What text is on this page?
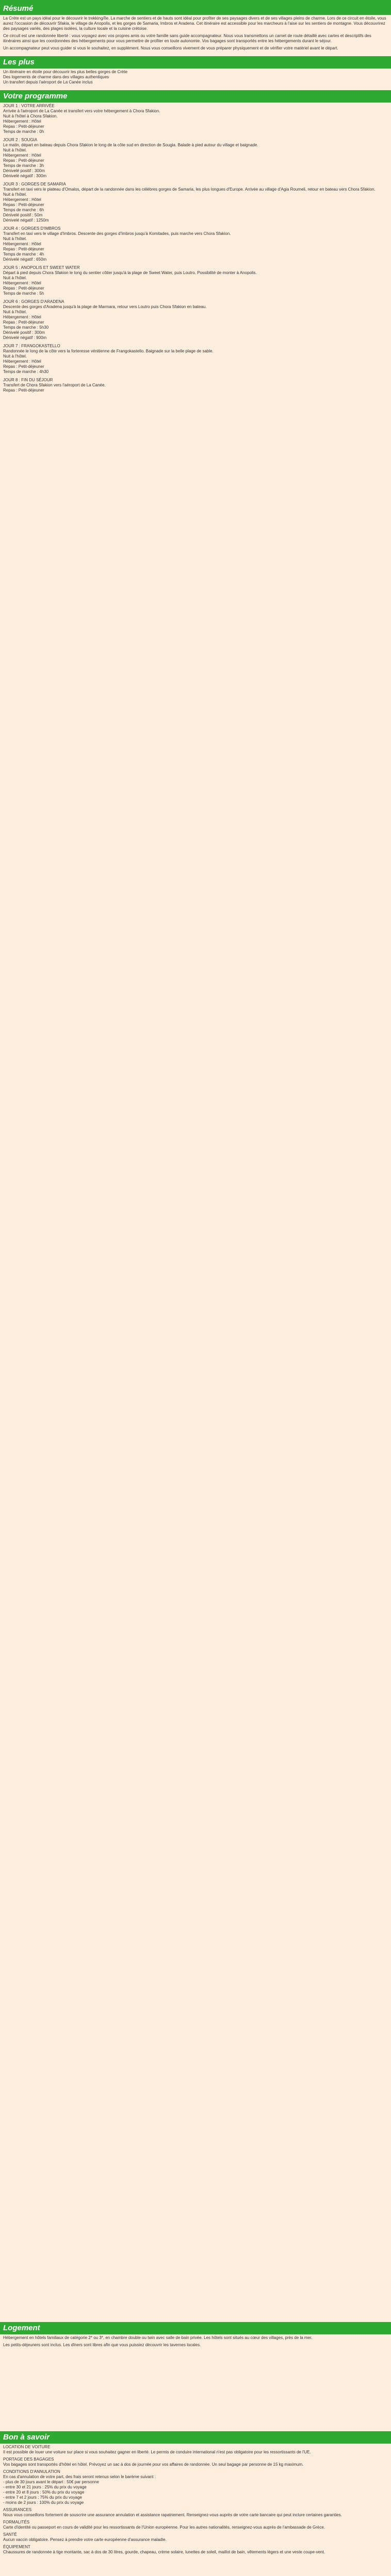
Résumé

La Crète est un pays idéal pour le découvrir le trekking/île. La marche de sentiers et de hauts sont idéal pour profiter de ses paysages divers et de ses villages pleins de charme. Lors de ce circuit en étoile, vous aurez l'occasion de découvrir Sfakia, le village de Anopolis, et les gorges de Samaria, Imbros et Aradena. Cet itinéraire est accessible pour les marcheurs à l'aise sur les sentiers de montagne. Vous découvrirez des paysages variés, des plages isolées, la culture locale et la cuisine crétoise.

Ce circuit est une randonnée liberté : vous voyagez avec vos propres amis ou votre famille sans guide accompagnateur. Nous vous transmettons un carnet de route détaillé avec cartes et descriptifs des itinéraires ainsi que les coordonnées des hébergements pour vous permettre de profiter en toute autonomie. Vos bagages sont transportés entre les hébergements durant le séjour.

Un accompagnateur peut vous guider si vous le souhaitez, en supplément. Nous vous conseillons vivement de vous préparer physiquement et de vérifier votre matériel avant le départ.

Les plus

Un itinéraire en étoile pour découvrir les plus belles gorges de Crète
Des logements de charme dans des villages authentiques
Un transfert depuis l'aéroport de La Canée inclus

Votre programme
JOUR 1 : VOTRE ARRIVÉE
Arrivée à l'aéroport de La Canée et transfert vers votre hébergement à Chora Sfakion.
Nuit à l'hôtel à Chora Sfakion.
Hébergement : Hôtel
Repas : Petit-déjeuner
Temps de marche : 0h
JOUR 2 : SOUGIA
Le matin, départ en bateau depuis Chora Sfakion le long de la côte sud en direction de Sougia. Balade à pied autour du village et baignade.
Nuit à l'hôtel.
Hébergement : Hôtel
Repas : Petit-déjeuner
Temps de marche : 3h
Dénivelé positif : 300m
Dénivelé négatif : 300m
JOUR 3 : GORGES DE SAMARIA
Transfert en taxi vers le plateau d'Omalos, départ de la randonnée dans les célèbres gorges de Samaria, les plus longues d'Europe. Arrivée au village d'Agia Roumeli, retour en bateau vers Chora Sfakion.
Nuit à l'hôtel.
Hébergement : Hôtel
Repas : Petit-déjeuner
Temps de marche : 6h
Dénivelé positif : 50m
Dénivelé négatif : 1250m
JOUR 4 : GORGES D'IMBROS
Transfert en taxi vers le village d'Imbros. Descente des gorges d'Imbros jusqu'à Komitades, puis marche vers Chora Sfakion.
Nuit à l'hôtel.
Hébergement : Hôtel
Repas : Petit-déjeuner
Temps de marche : 4h
Dénivelé négatif : 650m
JOUR 5 : ANOPOLIS ET SWEET WATER
Départ à pied depuis Chora Sfakion le long du sentier côtier jusqu'à la plage de Sweet Water, puis Loutro. Possibilité de monter à Anopolis.
Nuit à l'hôtel.
Hébergement : Hôtel
Repas : Petit-déjeuner
Temps de marche : 5h
JOUR 6 : GORGES D'ARADENA
Descente des gorges d'Aradena jusqu'à la plage de Marmara, retour vers Loutro puis Chora Sfakion en bateau.
Nuit à l'hôtel.
Hébergement : Hôtel
Repas : Petit-déjeuner
Temps de marche : 5h30
Dénivelé positif : 300m
Dénivelé négatif : 900m
JOUR 7 : FRANGOKASTELLO
Randonnée le long de la côte vers la forteresse vénitienne de Frangokastello. Baignade sur la belle plage de sable.
Nuit à l'hôtel.
Hébergement : Hôtel
Repas : Petit-déjeuner
Temps de marche : 4h30
JOUR 8 : FIN DU SÉJOUR
Transfert de Chora Sfakion vers l'aéroport de La Canée.
Repas : Petit-déjeuner
Logement

Hébergement en hôtels familiaux de catégorie 2* ou 3*, en chambre double ou twin avec salle de bain privée. Les hôtels sont situés au cœur des villages, près de la mer.

Les petits-déjeuners sont inclus. Les dîners sont libres afin que vous puissiez découvrir les tavernes locales.

Bon à savoir

LOCATION DE VOITURE
Il est possible de louer une voiture sur place si vous souhaitez gagner en liberté. Le permis de conduire international n'est pas obligatoire pour les ressortissants de l'UE.

PORTAGE DES BAGAGES
Vos bagages sont transportés d'hôtel en hôtel. Prévoyez un sac à dos de journée pour vos affaires de randonnée. Un seul bagage par personne de 15 kg maximum.

CONDITIONS D'ANNULATION
En cas d'annulation de votre part, des frais seront retenus selon le barème suivant :
- plus de 30 jours avant le départ : 50€ par personne
- entre 30 et 21 jours : 25% du prix du voyage
- entre 20 et 8 jours : 50% du prix du voyage
- entre 7 et 2 jours : 75% du prix du voyage
- moins de 2 jours : 100% du prix du voyage

ASSURANCES
Nous vous conseillons fortement de souscrire une assurance annulation et assistance rapatriement. Renseignez-vous auprès de votre carte bancaire qui peut inclure certaines garanties.

FORMALITÉS
Carte d'identité ou passeport en cours de validité pour les ressortissants de l'Union européenne. Pour les autres nationalités, renseignez-vous auprès de l'ambassade de Grèce.

SANTÉ
Aucun vaccin obligatoire. Pensez à prendre votre carte européenne d'assurance maladie.

ÉQUIPEMENT
Chaussures de randonnée à tige montante, sac à dos de 30 litres, gourde, chapeau, crème solaire, lunettes de soleil, maillot de bain, vêtements légers et une veste coupe-vent.
